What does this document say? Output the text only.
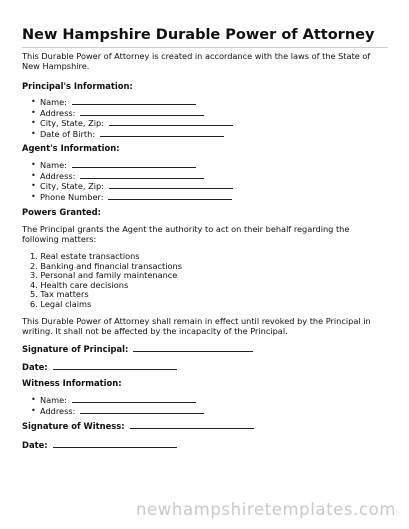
New Hampshire Durable Power of Attorney
This Durable Power of Attorney is created in accordance with the laws of the State of New Hampshire.
Principal's Information:
• Name:
• Address:
• City, State, Zip:
• Date of Birth:
Agent's Information:
• Name:
• Address:
• City, State, Zip:
• Phone Number:
Powers Granted:
The Principal grants the Agent the authority to act on their behalf regarding the following matters:
1. Real estate transactions
2. Banking and financial transactions
3. Personal and family maintenance
4. Health care decisions
5. Tax matters
6. Legal claims
This Durable Power of Attorney shall remain in effect until revoked by the Principal in writing. It shall not be affected by the incapacity of the Principal.
Signature of Principal:
Date:
Witness Information:
• Name:
• Address:
Signature of Witness:
Date:
newhampshiretemplates.com
